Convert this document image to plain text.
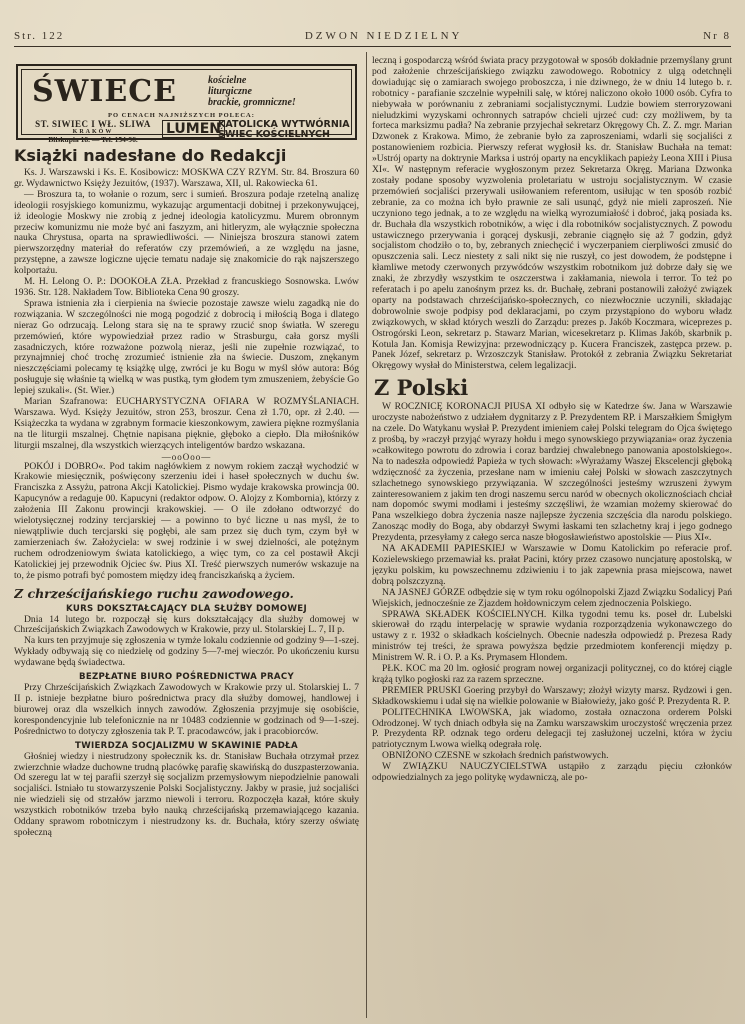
Str. 122	DZWON NIEDZIELNY	Nr 8
ŚWIECE	kościelne
liturgiczne
brackie, gromniczne!
PO CENACH NAJNIŻSZYCH POLECA:
ST. SIWIEC I WŁ. SLIWA
KRAKÓW
Bliskupia 18. — Tel. 154-96.
LUMEN
KATOLICKA WYTWÓRNIA
ŚWIEC KOŚCIELNYCH
Książki nadesłane do Redakcji

Ks. J. Warszawski i Ks. E. Kosibowicz: MOSKWA CZY RZYM. Str. 84. Broszura 60 gr. Wydawnictwo Księży Jezuitów, (1937). Warszawa, XII, ul. Rakowiecka 61.

— Broszura ta, to wołanie o rozum, serc i sumień. Broszura podaje rzetelną analizę ideologii rosyjskiego komunizmu, wykazując argumentacji dobitnej i przekonywującej, iż ideologie Moskwy nie zrobią z jednej ideologia katolicyzmu. Murem obronnym przeciw komunizmu nie może być ani faszyzm, ani hitleryzm, ale wyłącznie społeczna nauka Chrystusa, oparta na sprawiedliwości. — Niniejsza broszura stanowi zatem pierwszorzędny materiał do referatów czy przemówień, a ze względu na jasne, przystępne, a zawsze logiczne ujęcie tematu nadaje się znakomicie do rąk najszerszego kolportażu.

M. H. Lelong O. P.: DOOKOŁA ZŁA. Przekład z francuskiego Sosnowska. Lwów 1936. Str. 128. Nakładem Tow. Biblioteka Cena 90 groszy.

Sprawa istnienia zła i cierpienia na świecie pozostaje zawsze wielu zagadką nie do rozwiązania. W szczególności nie mogą pogodzić z dobrocią i miłością Boga i dlatego nieraz Go odrzucają. Lelong stara się na te sprawy rzucić snop światła. W szeregu przemówień, które wypowiedział przez radio w Strasburgu, cała gorsz myśli zasadniczych, które rozważone pozwolą nieraz, jeśli nie zupełnie rozwiązać, to przynajmniej choć trochę zrozumieć istnienie zła na świecie. Duszom, znękanym nieszczęściami polecamy tę książkę ulgę, zwróci je ku Bogu w myśl słów autora: Bóg posługuje się właśnie tą wielką w was pustką, tym głodem tym zmuszeniem, żebyście Go lepiej szukali«. (St. Wier.)

Marian Szafranowa: EUCHARYSTYCZNA OFIARA W ROZMYŚLANIACH. Warszawa. Wyd. Księży Jezuitów, stron 253, broszur. Cena zł 1.70, opr. zł 2.40. — Książeczka ta wydana w zgrabnym formacie kieszonkowym, zawiera piękne rozmyślania na tle liturgii mszalnej. Chętnie napisana pięknie, głęboko a ciepło. Dla miłośników liturgii mszalnej, dla wszystkich wierzących inteligentów bardzo wskazana.

—ooOoo—

POKÓJ i DOBRO«. Pod takim nagłówkiem z nowym rokiem zaczął wychodzić w Krakowie miesięcznik, poświęcony szerzeniu idei i haseł społecznych w duchu św. Franciszka z Assyżu, patrona Akcji Katolickiej. Pismo wydaje krakowska prowincja 00. Kapucynów a redaguje 00. Kapucyni (redaktor odpow. O. Alojzy z Kombornia), którzy z założenia III Zakonu prowincji krakowskiej. — O ile zdołano odtworzyć do wielotysięcznej rodziny tercjarskiej — a powinno to być liczne u nas myśl, że to niewątpliwie duch tercjarski się pogłębi, ale sam przez się duch tym, czym był w zamierzeniach św. Założyciela: w swej rodzinie i w swej dzielności, ale potężnym ruchem odrodzeniowym świata katolickiego, a więc tym, co za cel postawił Akcji Katolickiej jej przewodnik Ojciec św. Pius XI. Treść pierwszych numerów wskazuje na to, że pismo potrafi być pomostem między ideą franciszkańską a życiem.

Z chrześcijańskiego ruchu zawodowego.
KURS DOKSZTAŁCAJĄCY DLA SŁUŻBY DOMOWEJ

Dnia 14 lutego br. rozpoczął się kurs dokształcający dla służby domowej w Chrześcijańskich Związkach Zawodowych w Krakowie, przy ul. Stolarskiej L. 7, II p.

Na kurs ten przyjmuje się zgłoszenia w tymże lokalu codziennie od godziny 9—1-szej. Wykłady odbywają się co niedzielę od godziny 5—7-mej wieczór. Po ukończeniu kursu wydawane będą świadectwa.

BEZPŁATNE BIURO POŚREDNICTWA PRACY

Przy Chrześcijańskich Związkach Zawodowych w Krakowie przy ul. Stolarskiej L. 7 II p. istnieje bezpłatne biuro pośrednictwa pracy dla służby domowej, handlowej i biurowej oraz dla wszelkich innych zawodów. Zgłoszenia przyjmuje się osobiście, korespondencyjnie lub telefonicznie na nr 10483 codziennie w godzinach od 9—1-szej. Pośrednictwo to dotyczy zgłoszenia tak P. T. pracodawców, jak i pracobiorców.

TWIERDZA SOCJALIZMU W SKAWINIE PADŁA

Głośniej wiedzy i niestrudzony społecznik ks. dr. Stanisław Buchała otrzymał przez zwierzchnie władze duchowne trudną placówkę parafię skawińską do duszpasterzowania. Od szeregu lat w tej parafii szerzył się socjalizm przemysłowym niepodzielnie panowali socjaliści. Istniało tu stowarzyszenie Polski Socjalistyczny. Jakby w prasie, już socjaliści nie wiedzieli się od strzałów jarzmo niewoli i terroru. Rozpoczęła kazał, które skuły wszystkich robotników trzeba było nauką chrześcijańską przemawiającego kazania. Oddany sprawom robotniczym i niestrudzony ks. dr. Buchała, który szerzy oświatę społeczną

leczną i gospodarczą wśród świata pracy przygotował w sposób dokładnie przemyślany grunt pod założenie chrześcijańskiego związku zawodowego. Robotnicy z ulgą odetchnęli dowiadując się o zamiarach swojego proboszcza, i nie dziwnego, że w dniu 14 lutego b. r. robotnicy - parafianie szczelnie wypełnili salę, w której naliczono około 1000 osób. Cyfra to niebywała w porównaniu z zebraniami socjalistycznymi. Ludzie bowiem sterroryzowani nieludzkimi wyzyskami ochronnych satrapów chcieli ujrzeć cud: czy możliwem, by ta forteca marksizmu padła? Na zebranie przyjechał sekretarz Okręgowy Ch. Z. Z. mgr. Marian Dzwonek z Krakowa. Mimo, że zebranie było za zaproszeniami, wdarli się socjaliści z postanowieniem rozbicia. Pierwszy referat wygłosił ks. dr. Stanisław Buchała na temat: »Ustrój oparty na doktrynie Marksa i ustrój oparty na encyklikach papieży Leona XIII i Piusa XI«. W następnym referacie wygłoszonym przez Sekretarza Okręg. Mariana Dzwonka zostały podane sposoby wyzwolenia proletariatu w ustroju socjalistycznym. W czasie przemówień socjaliści przerywali usiłowaniem referentom, usiłując w ten sposób rozbić zebranie, za co można ich było prawnie ze sali usunąć, gdyż nie mieli zaproszeń. Nie uczyniono tego jednak, a to ze względu na wielką wyrozumiałość i dobroć, jaką posiada ks. dr. Buchała dla wszystkich robotników, a więc i dla robotników socjalistycznych. Z powodu ustawicznego przerywania i gorącej dyskusji, zebranie ciągnęło się aż 7 godzin, gdyż socjalistom chodziło o to, by, zebranych zniechęcić i wyczerpaniem cierpliwości zmusić do opuszczenia sali. Lecz niestety z sali nikt się nie ruszył, co jest dowodem, że podstępne i kłamliwe metody czerwonych przywódców wszystkim robotnikom już dobrze dały się we znaki, że zbrzydły wszystkim te oszczerstwa i zakłamania, niewola i terror. To też po referatach i po apelu zanośnym przez ks. dr. Buchałę, zebrani postanowili założyć związek oparty na podstawach chrześcijańsko-społecznych, co niezwłocznie uczynili, składając dobrowolnie swoje podpisy pod deklaracjami, po czym przystąpiono do wyboru władz związkowych, w skład których weszli do Zarządu: prezes p. Jakób Koczmara, wiceprezes p. Ostrogórski Leon, sekretarz p. Stawarz Marian, wicesekretarz p. Klimas Jakób, skarbnik p. Kotula Jan. Komisja Rewizyjna: przewodniczący p. Kucera Franciszek, zastępca przew. p. Panek Józef, sekretarz p. Wrzoszczyk Stanisław. Protokół z zebrania Związku Sekretariat Okręgowy wysłał do Ministerstwa, celem legalizacji.

Z Polski

W ROCZNICĘ KORONACJI PIUSA XI odbyło się w Katedrze św. Jana w Warszawie uroczyste nabożeństwo z udziałem dygnitarzy z P. Prezydentem RP. i Marszałkiem Śmigłym na czele. Do Watykanu wysłał P. Prezydent imieniem całej Polski telegram do Ojca świętego z prośbą, by »raczył przyjąć wyrazy hołdu i mego synowskiego przywiązania« oraz życzenia »całkowitego powrotu do zdrowia i coraz bardziej chwalebnego panowania apostolskiego«. Na to nadeszła odpowiedź Papieża w tych słowach: »Wyrażamy Waszej Ekscelencji głęboką wdzięczność za życzenia, przesłane nam w imieniu całej Polski w słowach zaszczytnych szlachetnego synowskiego przywiązania. W szczególności jesteśmy wzruszeni żywym zainteresowaniem z jakim ten drogi naszemu sercu naród w obecnych okolicznościach chciał nam dopomóc swymi modłami i jesteśmy szczęśliwi, że wzamian możemy skierować do Pana wszelkiego dobra życzenia nasze najlepsze życzenia szczęścia dla narodu polskiego. Zanosząc modły do Boga, aby obdarzył Swymi łaskami ten szlachetny kraj i jego godnego Prezydenta, przesyłamy z całego serca nasze błogosławieństwo apostolskie — Pius XI«.

NA AKADEMII PAPIESKIEJ w Warszawie w Domu Katolickim po referacie prof. Kozielewskiego przemawiał ks. prałat Pacini, który przez czasowo nuncjaturę apostolską, w języku polskim, ku powszechnemu zdziwieniu i to jak zapewnia prasa miejscowa, nawet dobrą polszczyzną.

NA JASNEJ GÓRZE odbędzie się w tym roku ogólnopolski Zjazd Związku Sodalicyj Pań Wiejskich, jednocześnie ze Zjazdem hołdowniczym celem zjednoczenia Polskiego.

SPRAWA SKŁADEK KOŚCIELNYCH. Kilka tygodni temu ks. poseł dr. Lubelski skierował do rządu interpelację w sprawie wydania rozporządzenia wykonawczego do ustawy z r. 1932 o składkach kościelnych. Obecnie nadeszła odpowiedź p. Prezesa Rady ministrów tej treści, że sprawa powyższa będzie przedmiotem konferencji między p. Ministrem W. R. i O. P. a Ks. Prymasem Hlondem.

PŁK. KOC ma 20 lm. ogłosić program nowej organizacji politycznej, co do której ciągle krążą tylko pogłoski raz za razem sprzeczne.

PREMIER PRUSKI Goering przybył do Warszawy; złożył wizyty marsz. Rydzowi i gen. Składkowskiemu i udał się na wielkie polowanie w Białowieży, jako gość P. Prezydenta R. P.

POLITECHNIKA LWOWSKA, jak wiadomo, została oznaczona orderem Polski Odrodzonej. W tych dniach odbyła się na Zamku warszawskim uroczystość wręczenia przez P. Prezydenta RP. odznak tego orderu delegacji tej zasłużonej uczelni, która w życiu patriotycznym Lwowa wielką odegrała rolę.

OBNIŻONO CZESNE w szkołach średnich państwowych.

W ZWIĄZKU NAUCZYCIELSTWA ustąpiło z zarządu pięciu członków odpowiedzialnych za jego politykę wydawniczą, ale po-
